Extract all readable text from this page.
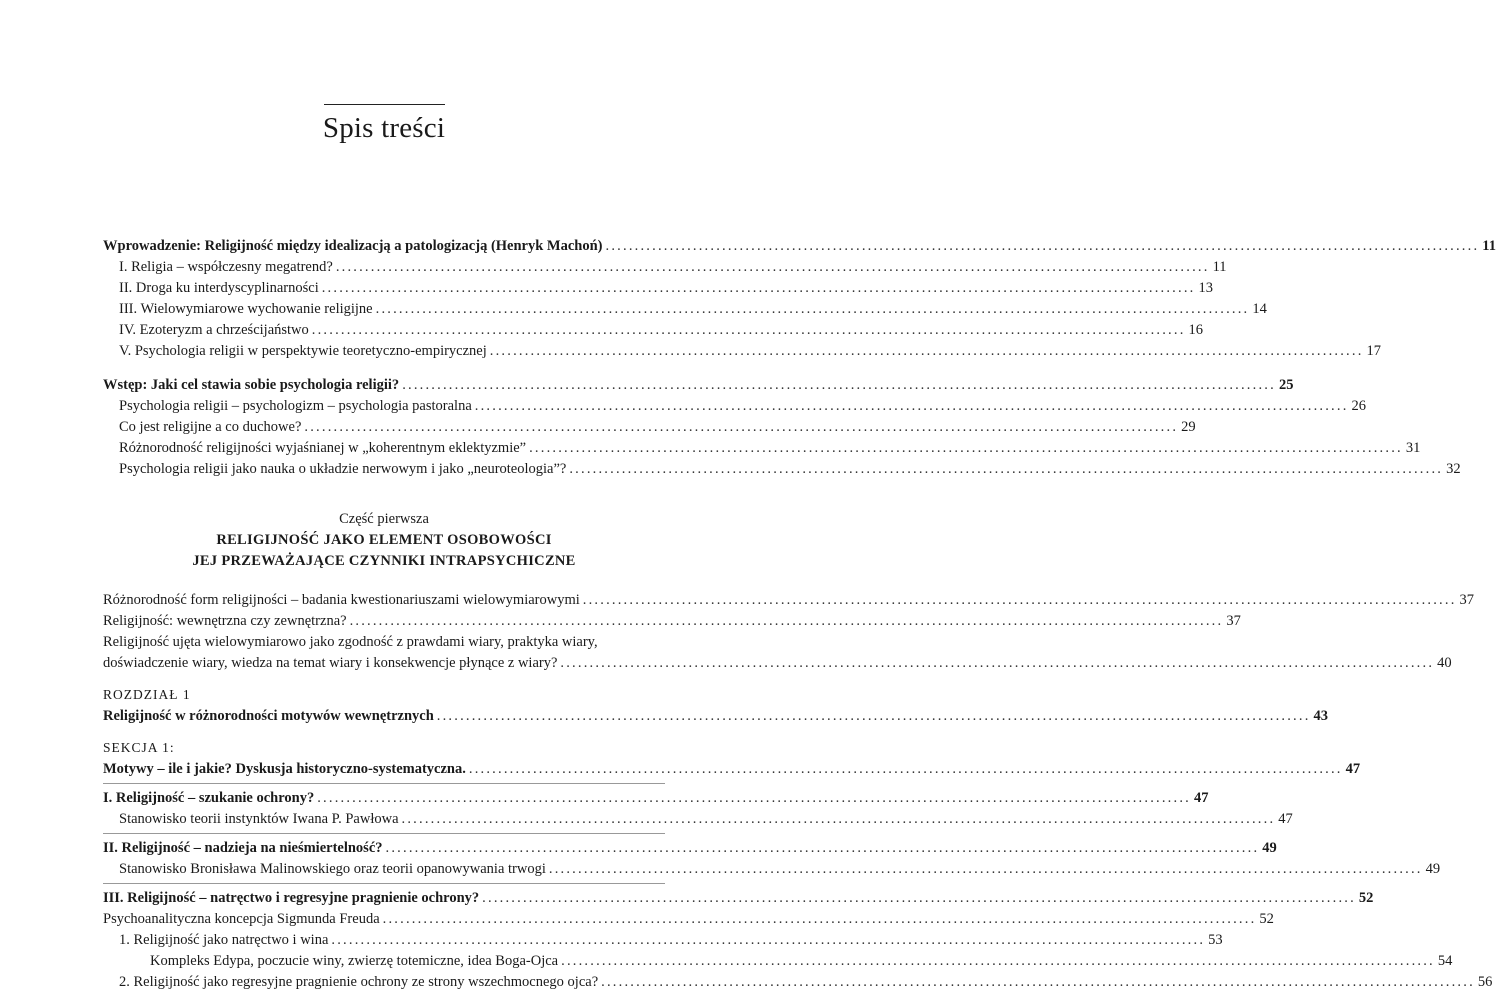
Spis treści
Wprowadzenie: Religijność między idealizacją a patologizacją (Henryk Machoń) ...................................................................................................................................................... 11
I. Religia – współczesny megatrend? ...................................................................................................................................................... 11
II. Droga ku interdyscyplinarności ...................................................................................................................................................... 13
III. Wielowymiarowe wychowanie religijne ...................................................................................................................................................... 14
IV. Ezoteryzm a chrześcijaństwo ...................................................................................................................................................... 16
V. Psychologia religii w perspektywie teoretyczno-empirycznej ...................................................................................................................................................... 17
Wstęp: Jaki cel stawia sobie psychologia religii? ...................................................................................................................................................... 25
Psychologia religii – psychologizm – psychologia pastoralna ...................................................................................................................................................... 26
Co jest religijne a co duchowe? ...................................................................................................................................................... 29
Różnorodność religijności wyjaśnianej w „koherentnym eklektyzmie” ...................................................................................................................................................... 31
Psychologia religii jako nauka o układzie nerwowym i jako „neuroteologia”? ...................................................................................................................................................... 32
Część pierwsza
RELIGIJNOŚĆ JAKO ELEMENT OSOBOWOŚCI
JEJ PRZEWAŻAJĄCE CZYNNIKI INTRAPSYCHICZNE
Różnorodność form religijności – badania kwestionariuszami wielowymiarowymi ...................................................................................................................................................... 37
Religijność: wewnętrzna czy zewnętrzna? ...................................................................................................................................................... 37
Religijność ujęta wielowymiarowo jako zgodność z prawdami wiary, praktyka wiary,
doświadczenie wiary, wiedza na temat wiary i konsekwencje płynące z wiary? ...................................................................................................................................................... 40
ROZDZIAŁ 1
Religijność w różnorodności motywów wewnętrznych ...................................................................................................................................................... 43
SEKCJA 1:
Motywy – ile i jakie? Dyskusja historyczno-systematyczna. ...................................................................................................................................................... 47
I. Religijność – szukanie ochrony? ...................................................................................................................................................... 47
Stanowisko teorii instynktów Iwana P. Pawłowa ...................................................................................................................................................... 47
II. Religijność – nadzieja na nieśmiertelność? ...................................................................................................................................................... 49
Stanowisko Bronisława Malinowskiego oraz teorii opanowywania trwogi ...................................................................................................................................................... 49
III. Religijność – natręctwo i regresyjne pragnienie ochrony? ...................................................................................................................................................... 52
Psychoanalityczna koncepcja Sigmunda Freuda ...................................................................................................................................................... 52
1. Religijność jako natręctwo i wina ...................................................................................................................................................... 53
Kompleks Edypa, poczucie winy, zwierzę totemiczne, idea Boga-Ojca ...................................................................................................................................................... 54
2. Religijność jako regresyjne pragnienie ochrony ze strony wszechmocnego ojca? ...................................................................................................................................................... 56
